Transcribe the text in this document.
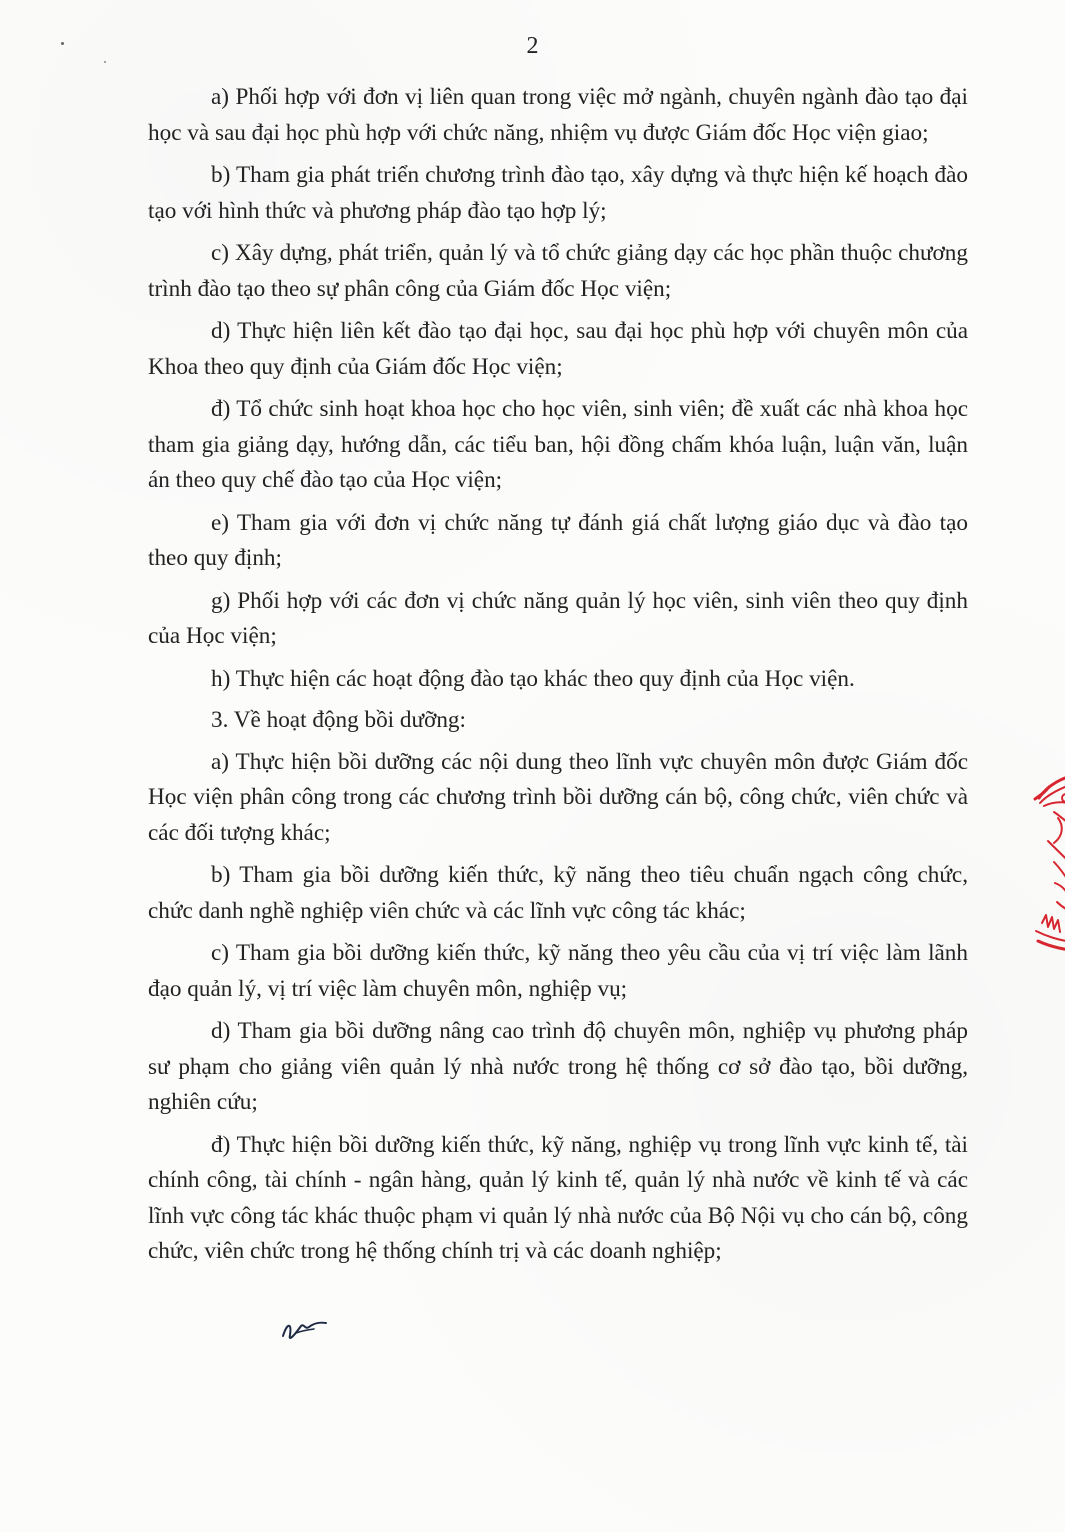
2

a) Phối hợp với đơn vị liên quan trong việc mở ngành, chuyên ngành đào tạo đại học và sau đại học phù hợp với chức năng, nhiệm vụ được Giám đốc Học viện giao;

b) Tham gia phát triển chương trình đào tạo, xây dựng và thực hiện kế hoạch đào tạo với hình thức và phương pháp đào tạo hợp lý;

c) Xây dựng, phát triển, quản lý và tổ chức giảng dạy các học phần thuộc chương trình đào tạo theo sự phân công của Giám đốc Học viện;

d) Thực hiện liên kết đào tạo đại học, sau đại học phù hợp với chuyên môn của Khoa theo quy định của Giám đốc Học viện;

đ) Tổ chức sinh hoạt khoa học cho học viên, sinh viên; đề xuất các nhà khoa học tham gia giảng dạy, hướng dẫn, các tiểu ban, hội đồng chấm khóa luận, luận văn, luận án theo quy chế đào tạo của Học viện;

e) Tham gia với đơn vị chức năng tự đánh giá chất lượng giáo dục và đào tạo theo quy định;

g) Phối hợp với các đơn vị chức năng quản lý học viên, sinh viên theo quy định của Học viện;

h) Thực hiện các hoạt động đào tạo khác theo quy định của Học viện.

3. Về hoạt động bồi dưỡng:

a) Thực hiện bồi dưỡng các nội dung theo lĩnh vực chuyên môn được Giám đốc Học viện phân công trong các chương trình bồi dưỡng cán bộ, công chức, viên chức và các đối tượng khác;

b) Tham gia bồi dưỡng kiến thức, kỹ năng theo tiêu chuẩn ngạch công chức, chức danh nghề nghiệp viên chức và các lĩnh vực công tác khác;

c) Tham gia bồi dưỡng kiến thức, kỹ năng theo yêu cầu của vị trí việc làm lãnh đạo quản lý, vị trí việc làm chuyên môn, nghiệp vụ;

d) Tham gia bồi dưỡng nâng cao trình độ chuyên môn, nghiệp vụ phương pháp sư phạm cho giảng viên quản lý nhà nước trong hệ thống cơ sở đào tạo, bồi dưỡng, nghiên cứu;

đ) Thực hiện bồi dưỡng kiến thức, kỹ năng, nghiệp vụ trong lĩnh vực kinh tế, tài chính công, tài chính - ngân hàng, quản lý kinh tế, quản lý nhà nước về kinh tế và các lĩnh vực công tác khác thuộc phạm vi quản lý nhà nước của Bộ Nội vụ cho cán bộ, công chức, viên chức trong hệ thống chính trị và các doanh nghiệp;
